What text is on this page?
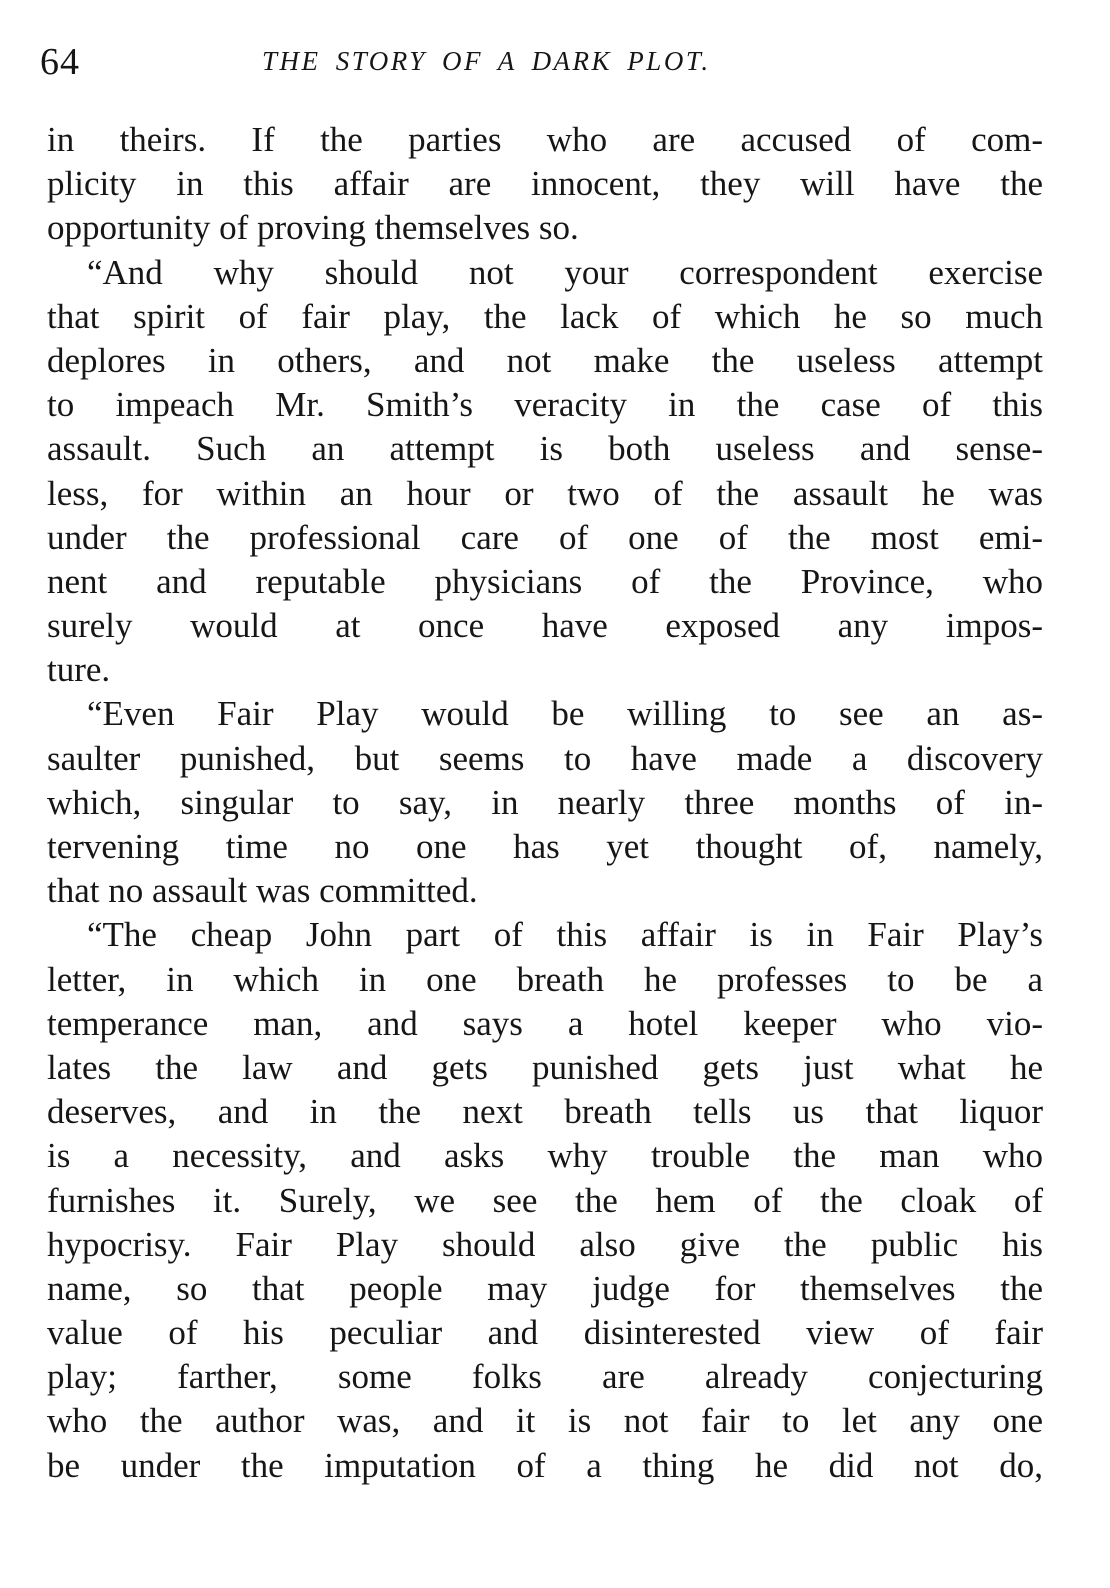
64	THE STORY OF A DARK PLOT.
in theirs. If the parties who are accused of com-
plicity in this affair are innocent, they will have the
opportunity of proving themselves so.
“And why should not your correspondent exercise
that spirit of fair play, the lack of which he so much
deplores in others, and not make the useless attempt
to impeach Mr. Smith’s veracity in the case of this
assault. Such an attempt is both useless and sense-
less, for within an hour or two of the assault he was
under the professional care of one of the most emi-
nent and reputable physicians of the Province, who
surely would at once have exposed any impos-
ture.
“Even Fair Play would be willing to see an as-
saulter punished, but seems to have made a discovery
which, singular to say, in nearly three months of in-
tervening time no one has yet thought of, namely,
that no assault was committed.
“The cheap John part of this affair is in Fair Play’s
letter, in which in one breath he professes to be a
temperance man, and says a hotel keeper who vio-
lates the law and gets punished gets just what he
deserves, and in the next breath tells us that liquor
is a necessity, and asks why trouble the man who
furnishes it. Surely, we see the hem of the cloak of
hypocrisy. Fair Play should also give the public his
name, so that people may judge for themselves the
value of his peculiar and disinterested view of fair
play; farther, some folks are already conjecturing
who the author was, and it is not fair to let any one
be under the imputation of a thing he did not do,
